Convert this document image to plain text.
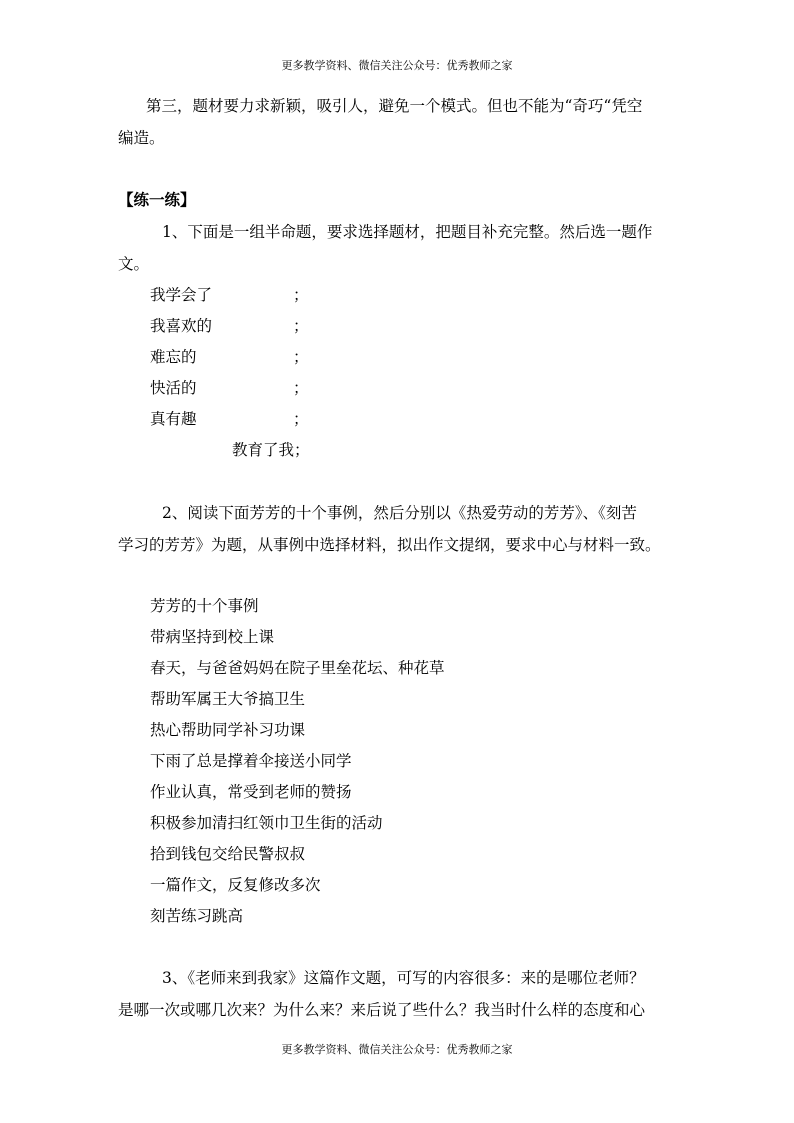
更多教学资料、微信关注公众号：优秀教师之家
第三，题材要力求新颖，吸引人，避免一个模式。但也不能为“奇巧“凭空
编造。
【练一练】
1、下面是一组半命题，要求选择题材，把题目补充完整。然后选一题作
文。
我学会了	；
我喜欢的	；
难忘的	；
快活的	；
真有趣	；
教育了我；
2、阅读下面芳芳的十个事例，然后分别以《热爱劳动的芳芳》、《刻苦
学习的芳芳》为题，从事例中选择材料，拟出作文提纲，要求中心与材料一致。
芳芳的十个事例
带病坚持到校上课
春天，与爸爸妈妈在院子里垒花坛、种花草
帮助军属王大爷搞卫生
热心帮助同学补习功课
下雨了总是撑着伞接送小同学
作业认真，常受到老师的赞扬
积极参加清扫红领巾卫生街的活动
拾到钱包交给民警叔叔
一篇作文，反复修改多次
刻苦练习跳高
3、《老师来到我家》这篇作文题，可写的内容很多：来的是哪位老师？
是哪一次或哪几次来？为什么来？来后说了些什么？我当时什么样的态度和心
更多教学资料、微信关注公众号：优秀教师之家
